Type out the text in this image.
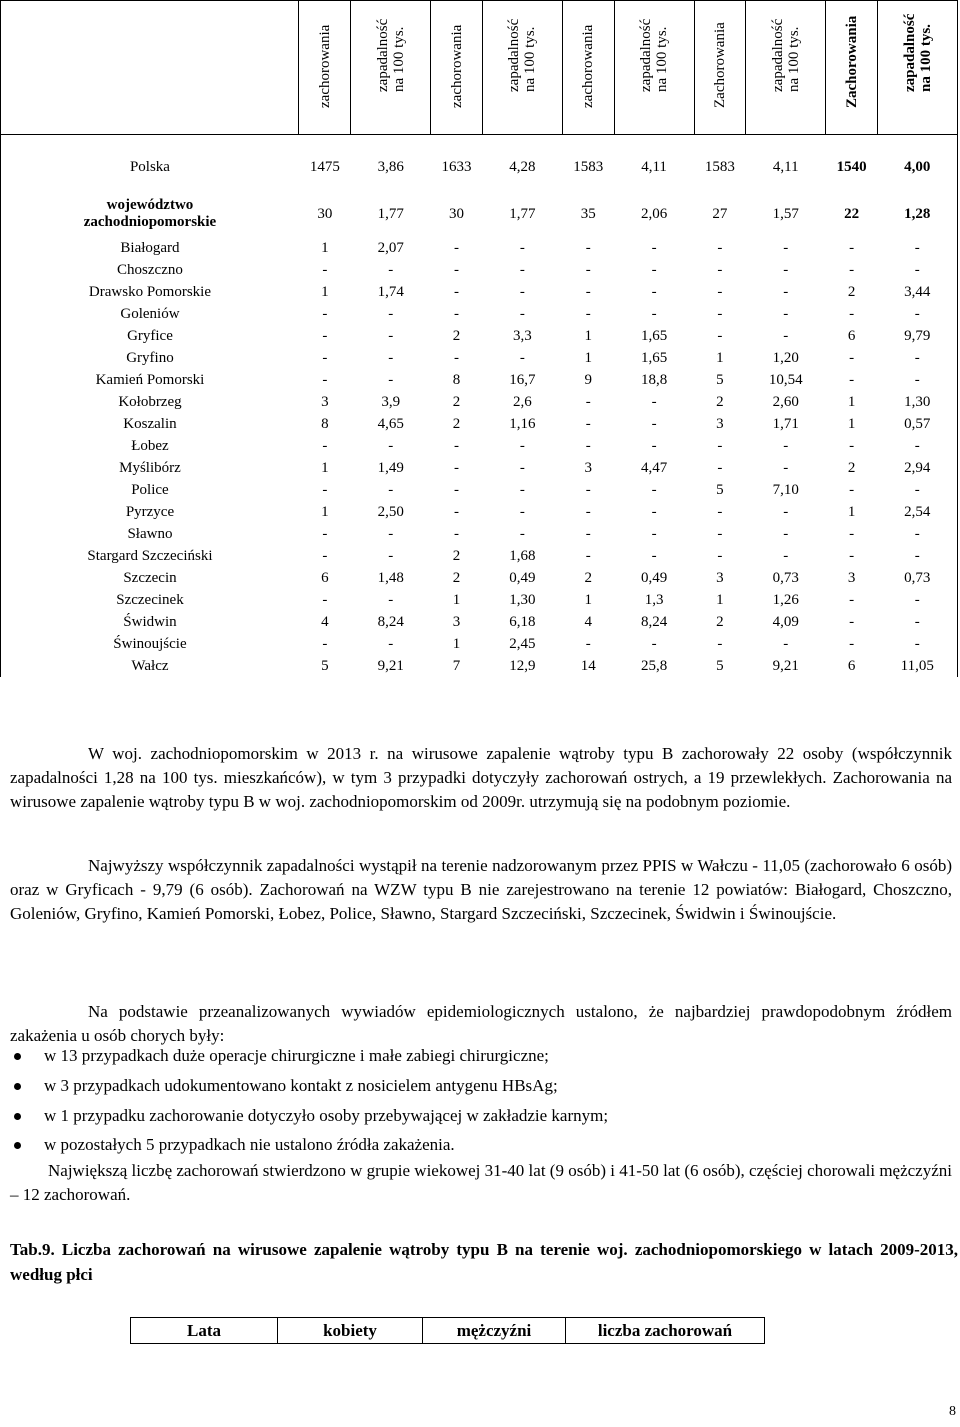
	zachorowania	zapadalność na 100 tys.	zachorowania	zapadalność na 100 tys.	zachorowania	zapadalność na 100 tys.	Zachorowania	zapadalność na 100 tys.	Zachorowania	zapadalność na 100 tys.

Polska	1475	3,86	1633	4,28	1583	4,11	1583	4,11	1540	4,00

województwo
zachodniopomorskie	30	1,77	30	1,77	35	2,06	27	1,57	22	1,28
Białogard	1	2,07	-	-	-	-	-	-	-	-
Choszczno	-	-	-	-	-	-	-	-	-	-
Drawsko Pomorskie	1	1,74	-	-	-	-	-	-	2	3,44
Goleniów	-	-	-	-	-	-	-	-	-	-
Gryfice	-	-	2	3,3	1	1,65	-	-	6	9,79
Gryfino	-	-	-	-	1	1,65	1	1,20	-	-
Kamień Pomorski	-	-	8	16,7	9	18,8	5	10,54	-	-
Kołobrzeg	3	3,9	2	2,6	-	-	2	2,60	1	1,30
Koszalin	8	4,65	2	1,16	-	-	3	1,71	1	0,57
Łobez	-	-	-	-	-	-	-	-	-	-
Myślibórz	1	1,49	-	-	3	4,47	-	-	2	2,94
Police	-	-	-	-	-	-	5	7,10	-	-
Pyrzyce	1	2,50	-	-	-	-	-	-	1	2,54
Sławno	-	-	-	-	-	-	-	-	-	-
Stargard Szczeciński	-	-	2	1,68	-	-	-	-	-	-
Szczecin	6	1,48	2	0,49	2	0,49	3	0,73	3	0,73
Szczecinek	-	-	1	1,30	1	1,3	1	1,26	-	-
Świdwin	4	8,24	3	6,18	4	8,24	2	4,09	-	-
Świnoujście	-	-	1	2,45	-	-	-	-	-	-
Wałcz	5	9,21	7	12,9	14	25,8	5	9,21	6	11,05
W woj. zachodniopomorskim w 2013 r. na wirusowe zapalenie wątroby typu B zachorowały 22 osoby (współczynnik zapadalności 1,28 na 100 tys. mieszkańców), w tym 3 przypadki dotyczyły zachorowań ostrych, a 19 przewlekłych. Zachorowania na wirusowe zapalenie wątroby typu B w woj. zachodniopomorskim od 2009r. utrzymują się na podobnym poziomie.
Najwyższy współczynnik zapadalności wystąpił na terenie nadzorowanym przez PPIS w Wałczu - 11,05 (zachorowało 6 osób) oraz w Gryficach - 9,79 (6 osób). Zachorowań na WZW typu B nie zarejestrowano na terenie 12 powiatów: Białogard, Choszczno, Goleniów, Gryfino, Kamień Pomorski, Łobez, Police, Sławno, Stargard Szczeciński, Szczecinek, Świdwin i Świnoujście.
Na podstawie przeanalizowanych wywiadów epidemiologicznych ustalono, że najbardziej prawdopodobnym źródłem zakażenia u osób chorych były:
w 13 przypadkach duże operacje chirurgiczne i małe zabiegi chirurgiczne;
w 3 przypadkach udokumentowano kontakt z nosicielem antygenu HBsAg;
w 1 przypadku zachorowanie dotyczyło osoby przebywającej w zakładzie karnym;
w pozostałych 5 przypadkach nie ustalono źródła zakażenia.
Największą liczbę zachorowań stwierdzono w grupie wiekowej 31-40 lat (9 osób) i 41-50 lat (6 osób), częściej chorowali mężczyźni – 12 zachorowań.
Tab.9. Liczba zachorowań na wirusowe zapalenie wątroby typu B na terenie woj. zachodniopomorskiego w latach 2009-2013, według płci
Lata	kobiety	mężczyźni	liczba zachorowań
8
